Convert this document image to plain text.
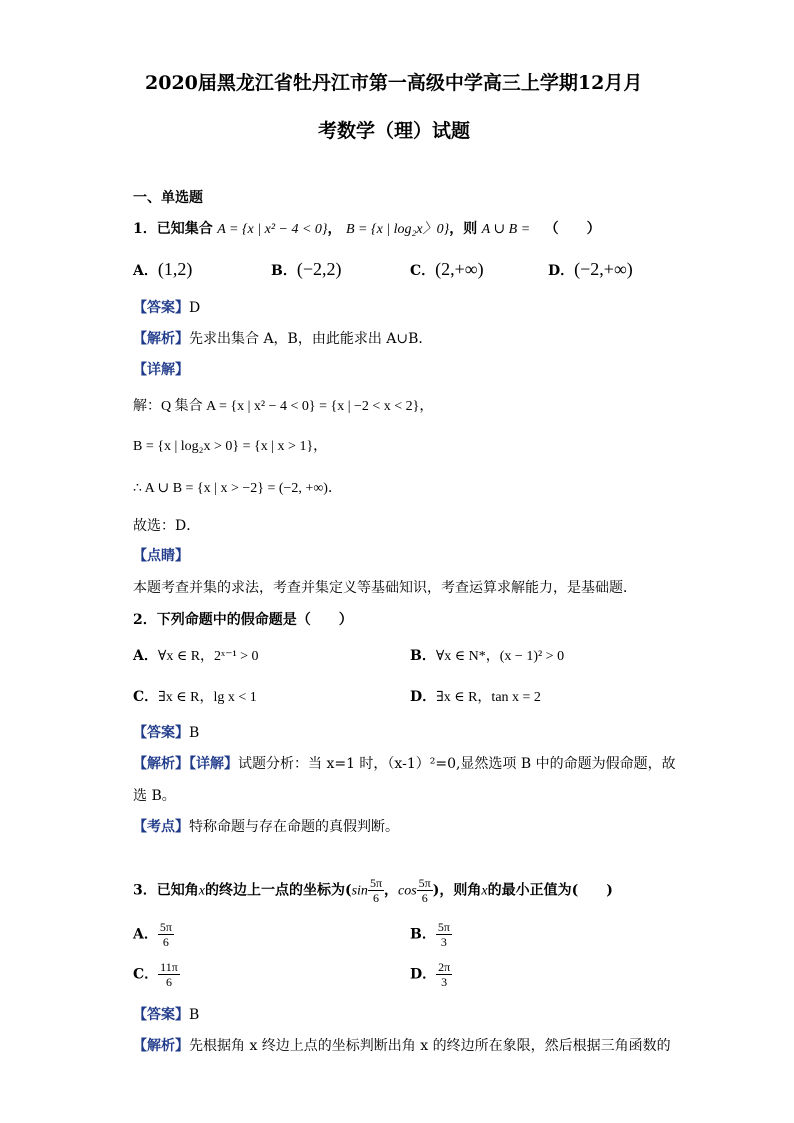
2020届黑龙江省牡丹江市第一高级中学高三上学期12月月
考数学（理）试题
一、单选题
1．已知集合 A = {x | x² − 4 < 0}， B = {x | log₂x〉0}，则 A ∪ B = （　　）
A．(1,2)	B．(−2,2)	C．(2,+∞)	D．(−2,+∞)
【答案】D
【解析】先求出集合 A，B，由此能求出 A∪B．
【详解】
解：Q 集合 A = {x | x² − 4 < 0} = {x | −2 < x < 2}，
B = {x | log₂x > 0} = {x | x > 1}，
∴ A ∪ B = {x | x > −2} = (−2, +∞)．
故选：D．
【点睛】
本题考查并集的求法，考查并集定义等基础知识，考查运算求解能力，是基础题．
2．下列命题中的假命题是（　　）
A．∀x ∈ R，2ˣ⁻¹ > 0	B．∀x ∈ N*，(x − 1)² > 0
C．∃x ∈ R，lg x < 1	D．∃x ∈ R，tan x = 2
【答案】B
【解析】【详解】试题分析：当 x=1 时，（x-1）²=0,显然选项 B 中的命题为假命题，故
选 B。
【考点】特称命题与存在命题的真假判断。
3．已知角x的终边上一点的坐标为($\sin \frac{5\pi}{6}$ ，$\cos \frac{5\pi}{6}$ )，则角x的最小正值为(　　)
A． $\frac{5\pi}{6}$	B． $\frac{5\pi}{3}$
C． $\frac{11\pi}{6}$	D． $\frac{2\pi}{3}$
【答案】B
【解析】先根据角 x 终边上点的坐标判断出角 x 的终边所在象限，然后根据三角函数的
